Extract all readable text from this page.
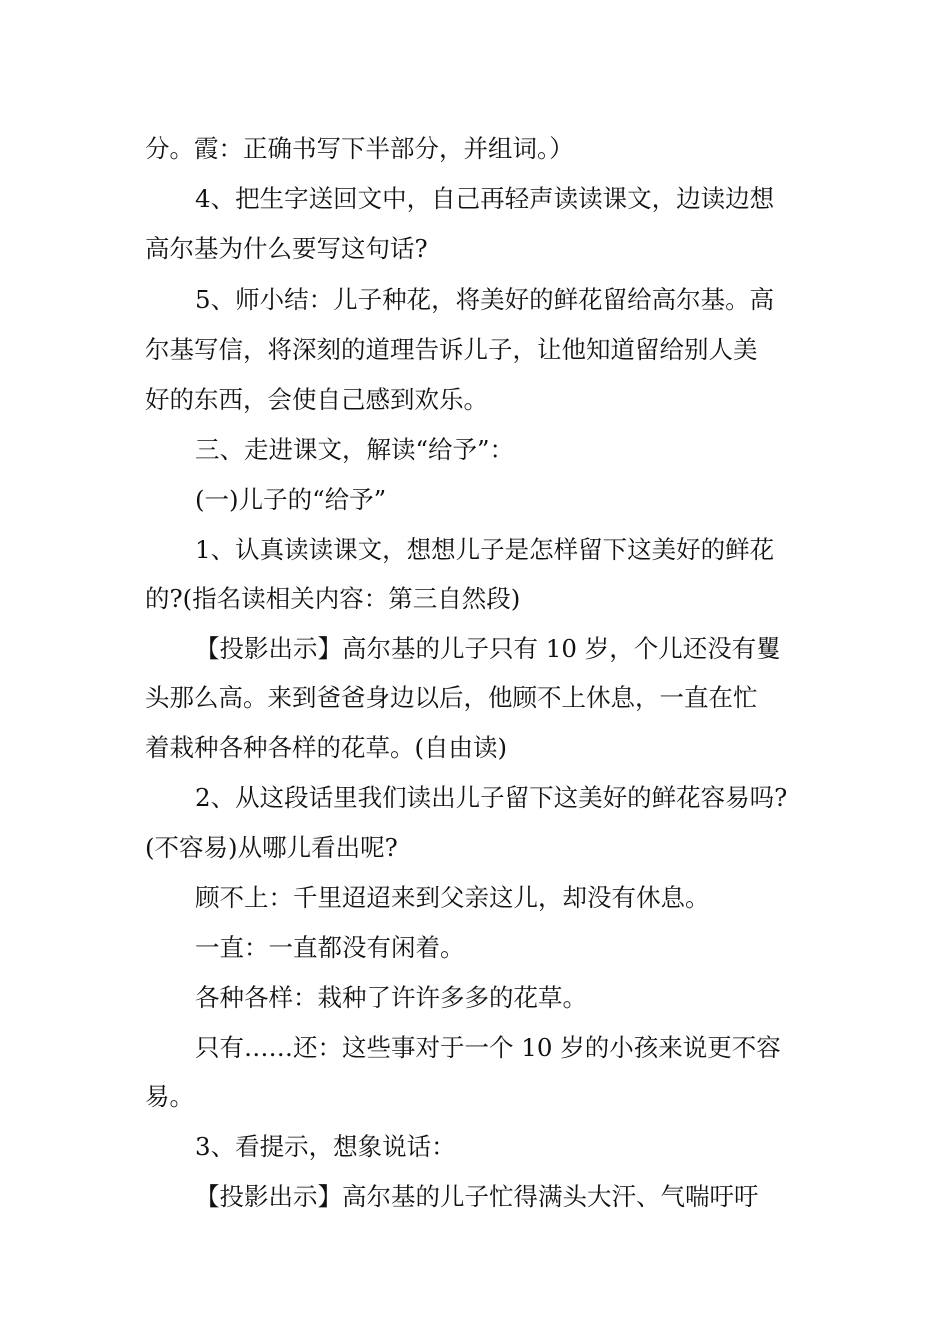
分。霞：正确书写下半部分，并组词。）
4、把生字送回文中，自己再轻声读读课文，边读边想
高尔基为什么要写这句话?
5、师小结：儿子种花，将美好的鲜花留给高尔基。高
尔基写信，将深刻的道理告诉儿子，让他知道留给别人美
好的东西，会使自己感到欢乐。
三、走进课文，解读“给予”：
(一)儿子的“给予”
1、认真读读课文，想想儿子是怎样留下这美好的鲜花
的?(指名读相关内容：第三自然段)
【投影出示】高尔基的儿子只有 10 岁，个儿还没有矍
头那么高。来到爸爸身边以后，他顾不上休息，一直在忙
着栽种各种各样的花草。(自由读)
2、从这段话里我们读出儿子留下这美好的鲜花容易吗?
(不容易)从哪儿看出呢?
顾不上：千里迢迢来到父亲这儿，却没有休息。
一直：一直都没有闲着。
各种各样：栽种了许许多多的花草。
只有……还：这些事对于一个 10 岁的小孩来说更不容
易。
3、看提示，想象说话：
【投影出示】高尔基的儿子忙得满头大汗、气喘吁吁
